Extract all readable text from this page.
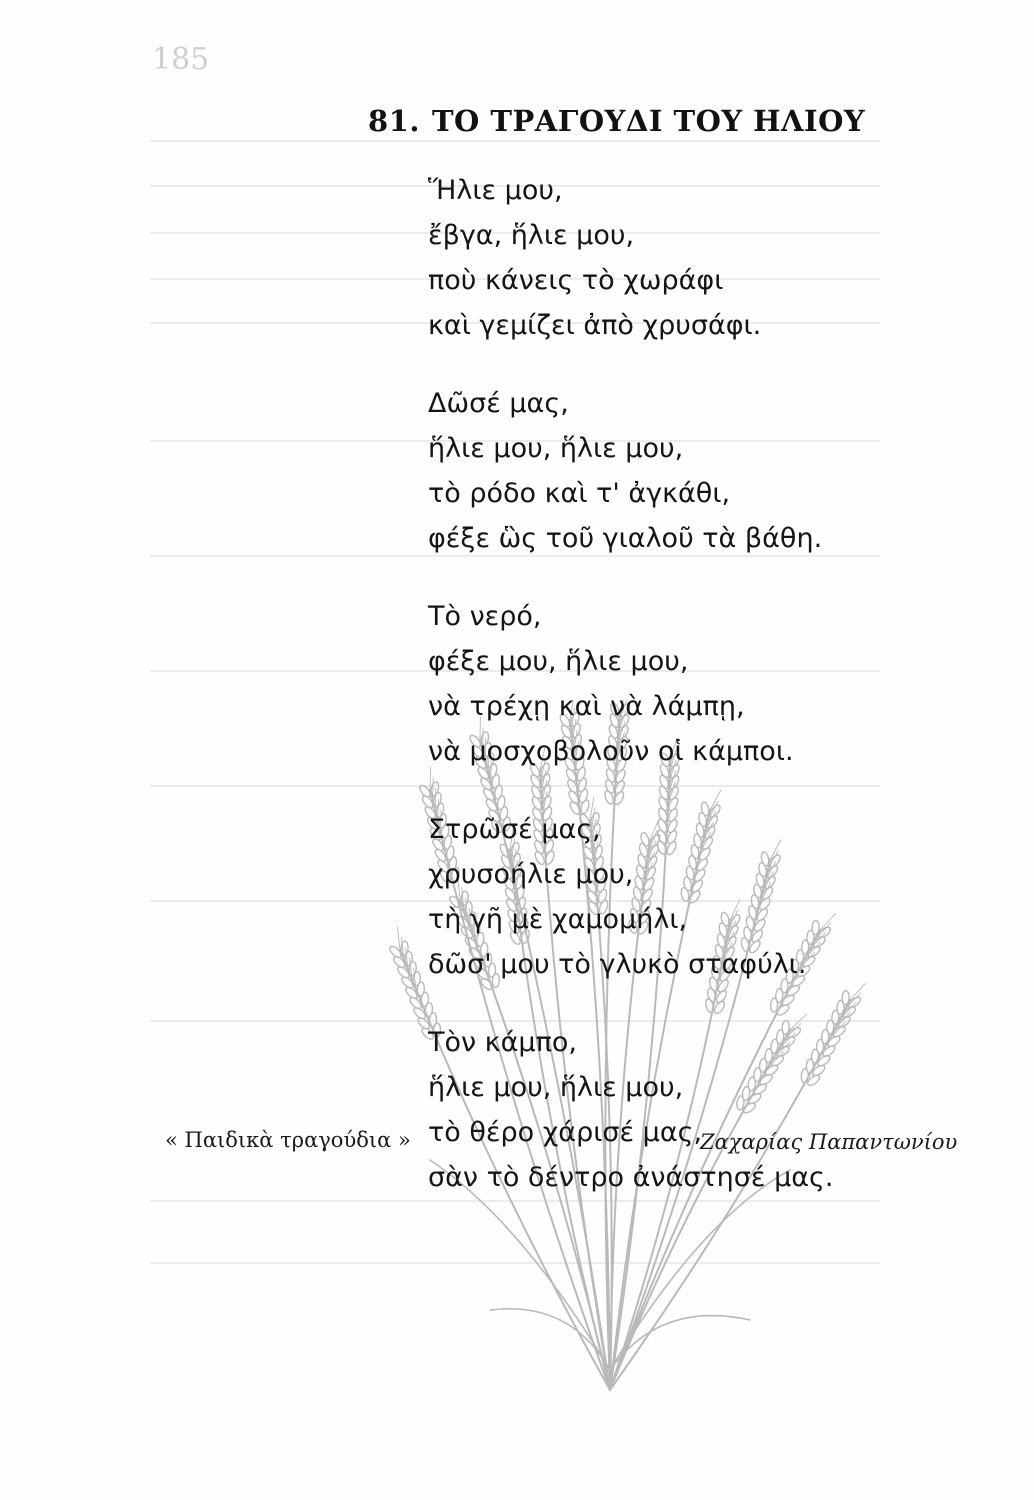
185
81. ΤΟ ΤΡΑΓΟΥΔΙ ΤΟΥ ΗΛΙΟΥ
Ἥλιε μου,
ἔβγα, ἥλιε μου,
ποὺ κάνεις τὸ χωράφι
καὶ γεμίζει ἀπὸ χρυσάφι.
Δῶσέ μας,
ἥλιε μου, ἥλιε μου,
τὸ ρόδο καὶ τ' ἀγκάθι,
φέξε ὣς τοῦ γιαλοῦ τὰ βάθη.
Τὸ νερό,
φέξε μου, ἥλιε μου,
νὰ τρέχῃ καὶ νὰ λάμπῃ,
νὰ μοσχοβολοῦν οἱ κάμποι.
Στρῶσέ μας,
χρυσοήλιε μου,
τὴ γῆ μὲ χαμομήλι,
δῶσ' μου τὸ γλυκὸ σταφύλι.
Τὸν κάμπο,
ἥλιε μου, ἥλιε μου,
τὸ θέρο χάρισέ μας,
σὰν τὸ δέντρο ἀνάστησέ μας.
« Παιδικὰ τραγούδια »	Ζαχαρίας Παπαντωνίου
